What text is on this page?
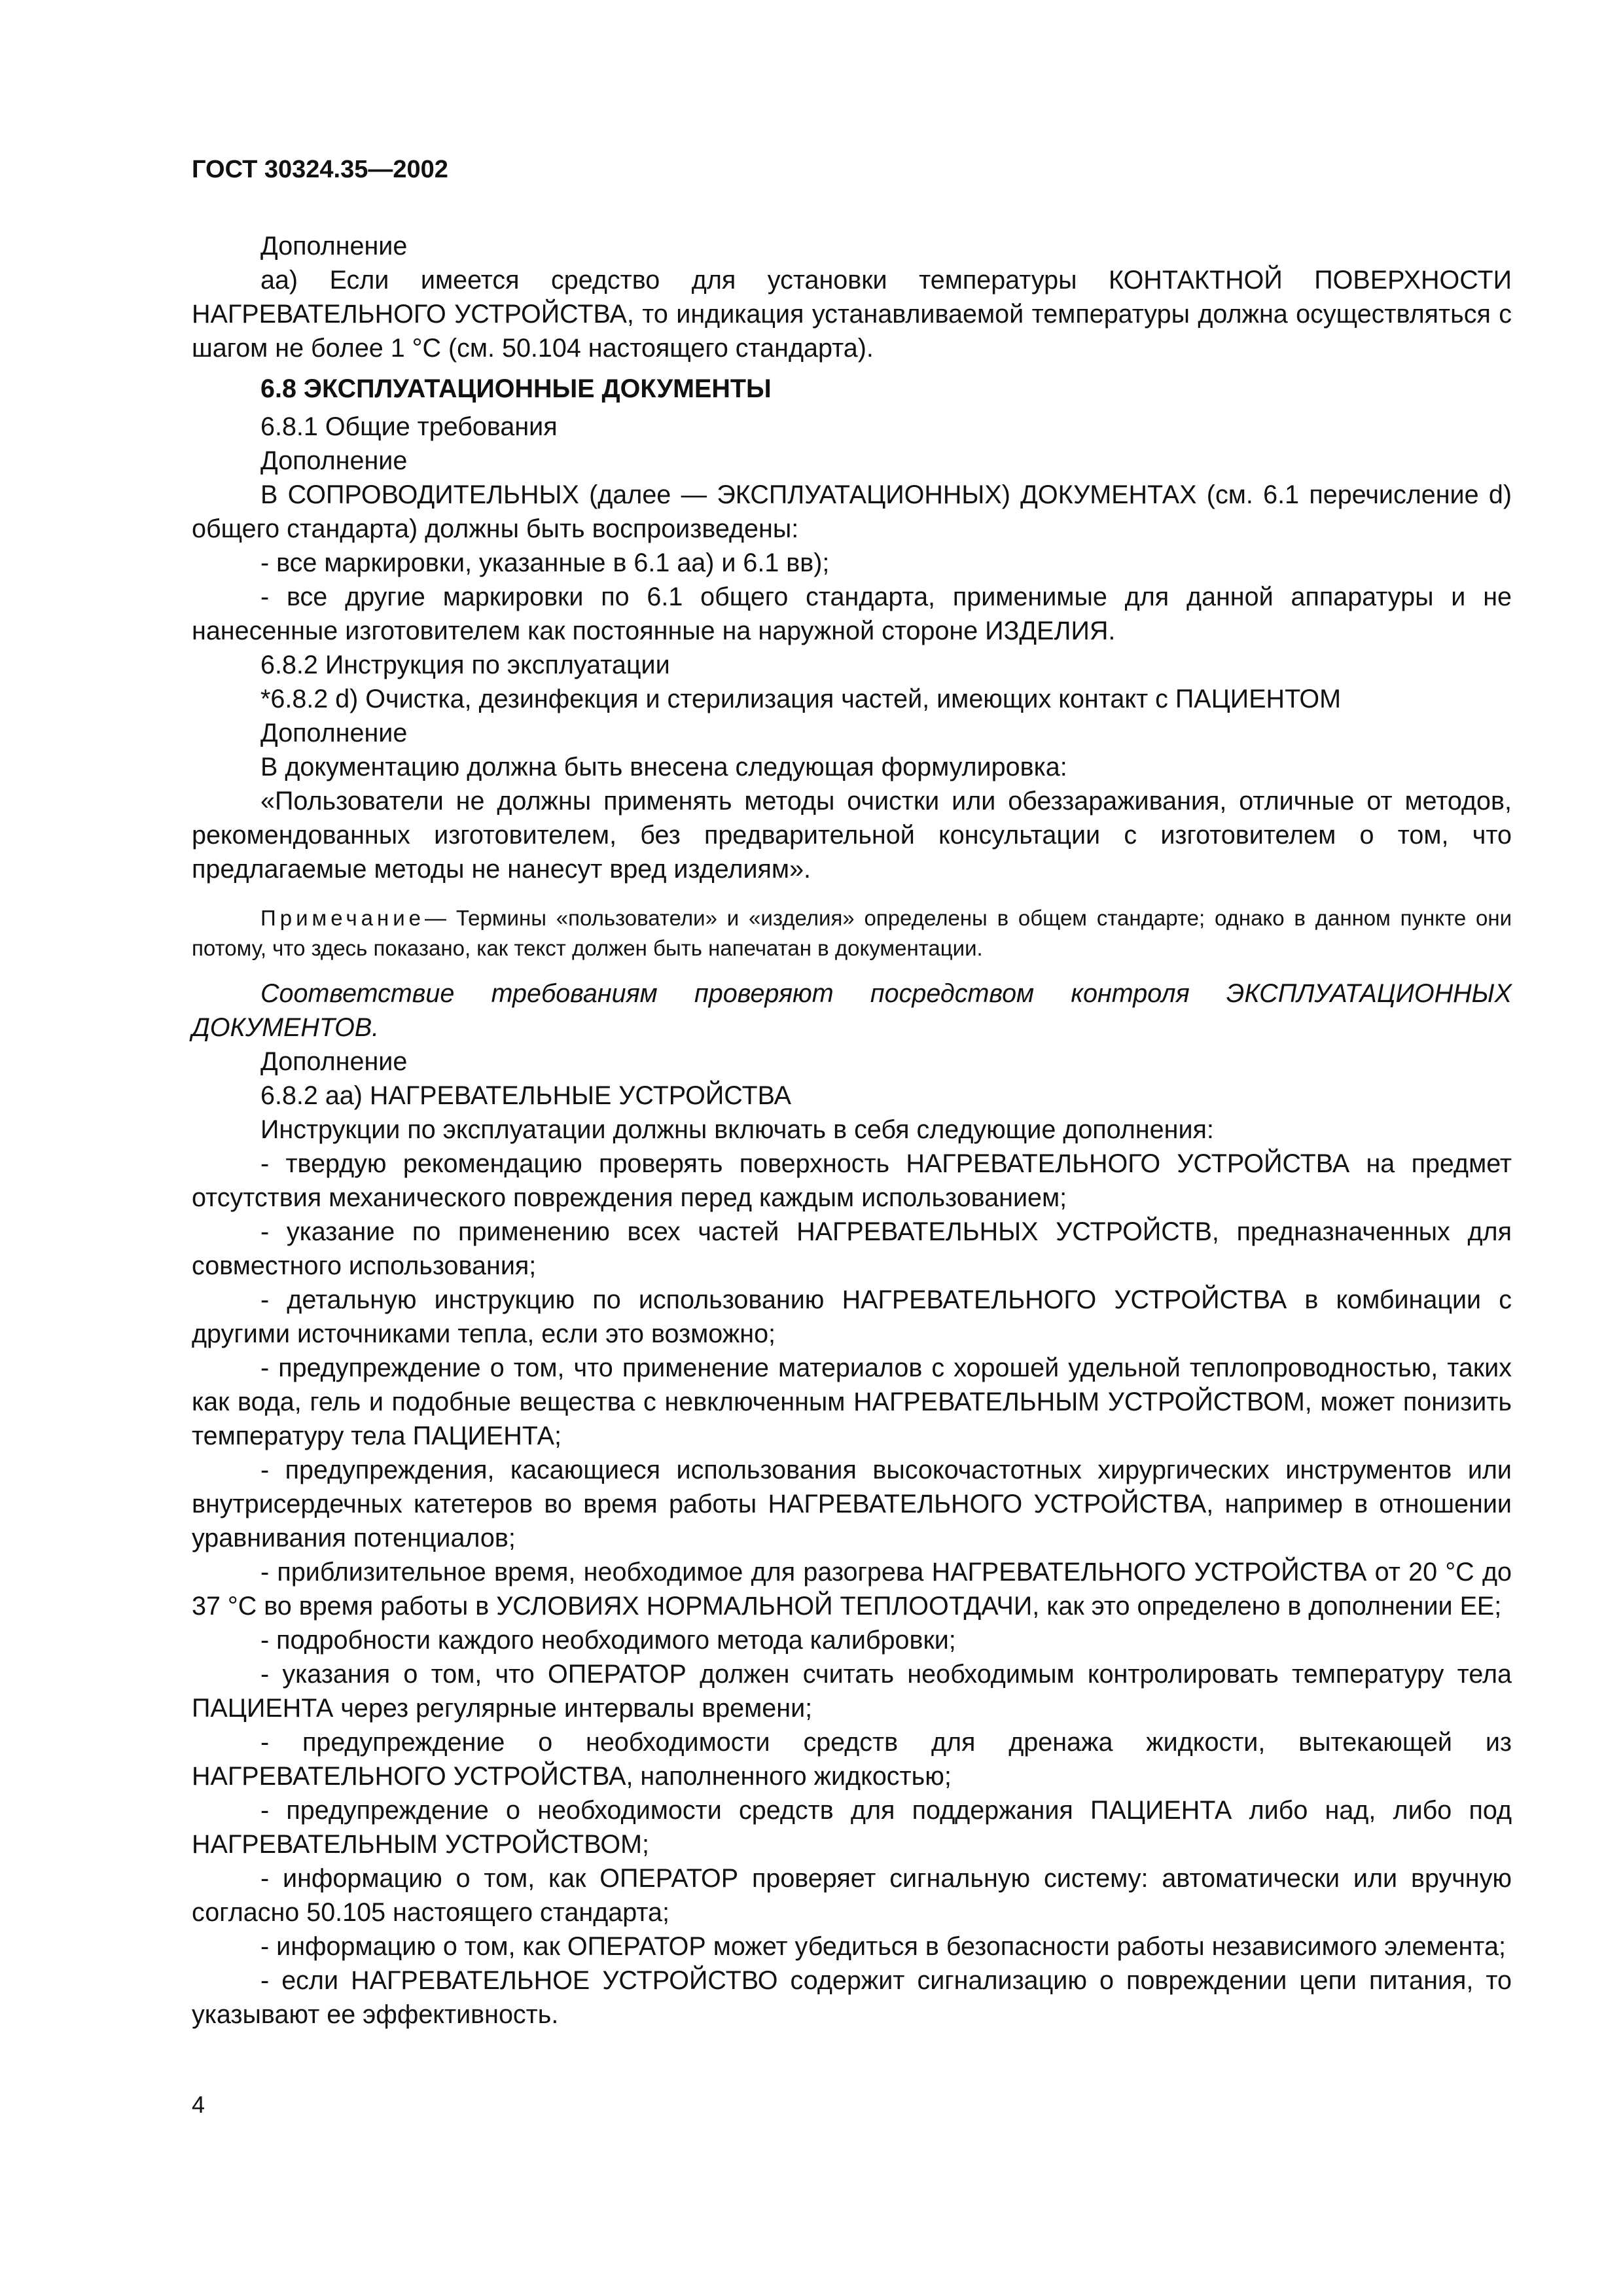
ГОСТ 30324.35—2002

Дополнение

аа) Если имеется средство для установки температуры КОНТАКТНОЙ ПОВЕРХНОСТИ НАГРЕВАТЕЛЬНОГО УСТРОЙСТВА, то индикация устанавливаемой температуры должна осуществляться с шагом не более 1 °С (см. 50.104 настоящего стандарта).

6.8 ЭКСПЛУАТАЦИОННЫЕ ДОКУМЕНТЫ

6.8.1 Общие требования

Дополнение

В СОПРОВОДИТЕЛЬНЫХ (далее — ЭКСПЛУАТАЦИОННЫХ) ДОКУМЕНТАХ (см. 6.1 перечисление d) общего стандарта) должны быть воспроизведены:

- все маркировки, указанные в 6.1 аа) и 6.1 вв);

- все другие маркировки по 6.1 общего стандарта, применимые для данной аппаратуры и не нанесенные изготовителем как постоянные на наружной стороне ИЗДЕЛИЯ.

6.8.2 Инструкция по эксплуатации

*6.8.2 d) Очистка, дезинфекция и стерилизация частей, имеющих контакт с ПАЦИЕНТОМ

Дополнение

В документацию должна быть внесена следующая формулировка:

«Пользователи не должны применять методы очистки или обеззараживания, отличные от методов, рекомендованных изготовителем, без предварительной консультации с изготовителем о том, что предлагаемые методы не нанесут вред изделиям».

Примечание— Термины «пользователи» и «изделия» определены в общем стандарте; однако в данном пункте они потому, что здесь показано, как текст должен быть напечатан в документации.

Соответствие требованиям проверяют посредством контроля ЭКСПЛУАТАЦИОННЫХ ДОКУМЕНТОВ.

Дополнение

6.8.2 аа) НАГРЕВАТЕЛЬНЫЕ УСТРОЙСТВА

Инструкции по эксплуатации должны включать в себя следующие дополнения:

- твердую рекомендацию проверять поверхность НАГРЕВАТЕЛЬНОГО УСТРОЙСТВА на предмет отсутствия механического повреждения перед каждым использованием;

- указание по применению всех частей НАГРЕВАТЕЛЬНЫХ УСТРОЙСТВ, предназначенных для совместного использования;

- детальную инструкцию по использованию НАГРЕВАТЕЛЬНОГО УСТРОЙСТВА в комбинации с другими источниками тепла, если это возможно;

- предупреждение о том, что применение материалов с хорошей удельной теплопроводностью, таких как вода, гель и подобные вещества с невключенным НАГРЕВАТЕЛЬНЫМ УСТРОЙСТВОМ, может понизить температуру тела ПАЦИЕНТА;

- предупреждения, касающиеся использования высокочастотных хирургических инструментов или внутрисердечных катетеров во время работы НАГРЕВАТЕЛЬНОГО УСТРОЙСТВА, например в отношении уравнивания потенциалов;

- приблизительное время, необходимое для разогрева НАГРЕВАТЕЛЬНОГО УСТРОЙСТВА от 20 °С до 37 °С во время работы в УСЛОВИЯХ НОРМАЛЬНОЙ ТЕПЛООТДАЧИ, как это определено в дополнении ЕЕ;

- подробности каждого необходимого метода калибровки;

- указания о том, что ОПЕРАТОР должен считать необходимым контролировать температуру тела ПАЦИЕНТА через регулярные интервалы времени;

- предупреждение о необходимости средств для дренажа жидкости, вытекающей из НАГРЕВАТЕЛЬНОГО УСТРОЙСТВА, наполненного жидкостью;

- предупреждение о необходимости средств для поддержания ПАЦИЕНТА либо над, либо под НАГРЕВАТЕЛЬНЫМ УСТРОЙСТВОМ;

- информацию о том, как ОПЕРАТОР проверяет сигнальную систему: автоматически или вручную согласно 50.105 настоящего стандарта;

- информацию о том, как ОПЕРАТОР может убедиться в безопасности работы независимого элемента;

- если НАГРЕВАТЕЛЬНОЕ УСТРОЙСТВО содержит сигнализацию о повреждении цепи питания, то указывают ее эффективность.

4
